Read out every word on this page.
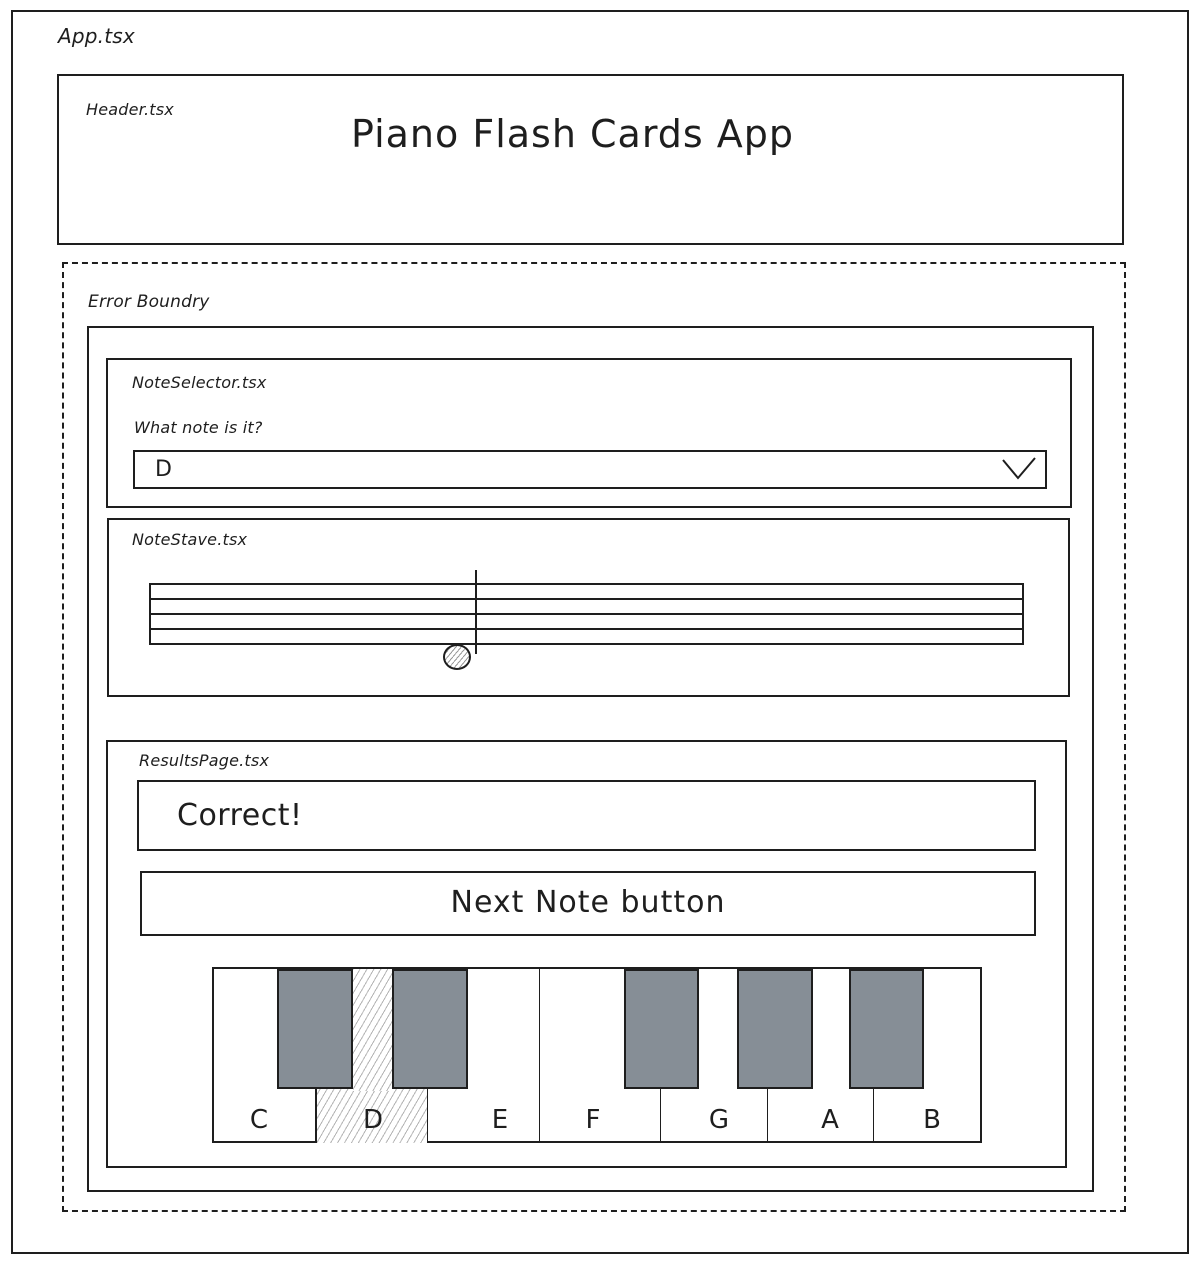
App.tsx
Header.tsx
Piano Flash Cards App
Error Boundry
NoteSelector.tsx
What note is it?
D
NoteStave.tsx
ResultsPage.tsx
Correct!
Next Note button
C	D	E	F	G	A	B
